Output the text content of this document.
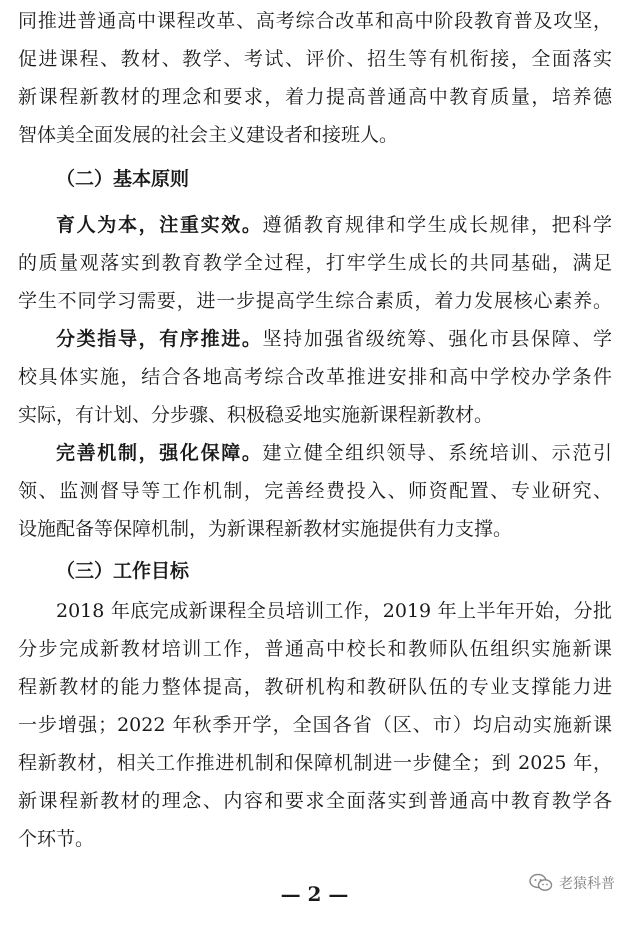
同推进普通高中课程改革、高考综合改革和高中阶段教育普及攻坚，
促进课程、教材、教学、考试、评价、招生等有机衔接，全面落实
新课程新教材的理念和要求，着力提高普通高中教育质量，培养德
智体美全面发展的社会主义建设者和接班人。
（二）基本原则
育人为本，注重实效。遵循教育规律和学生成长规律，把科学
的质量观落实到教育教学全过程，打牢学生成长的共同基础，满足
学生不同学习需要，进一步提高学生综合素质，着力发展核心素养。
分类指导，有序推进。坚持加强省级统筹、强化市县保障、学
校具体实施，结合各地高考综合改革推进安排和高中学校办学条件
实际，有计划、分步骤、积极稳妥地实施新课程新教材。
完善机制，强化保障。建立健全组织领导、系统培训、示范引
领、监测督导等工作机制，完善经费投入、师资配置、专业研究、
设施配备等保障机制，为新课程新教材实施提供有力支撑。
（三）工作目标
2018 年底完成新课程全员培训工作，2019 年上半年开始，分批
分步完成新教材培训工作，普通高中校长和教师队伍组织实施新课
程新教材的能力整体提高，教研机构和教研队伍的专业支撑能力进
一步增强；2022 年秋季开学，全国各省（区、市）均启动实施新课
程新教材，相关工作推进机制和保障机制进一步健全；到 2025 年，
新课程新教材的理念、内容和要求全面落实到普通高中教育教学各
个环节。
— 2 —	老猿科普
